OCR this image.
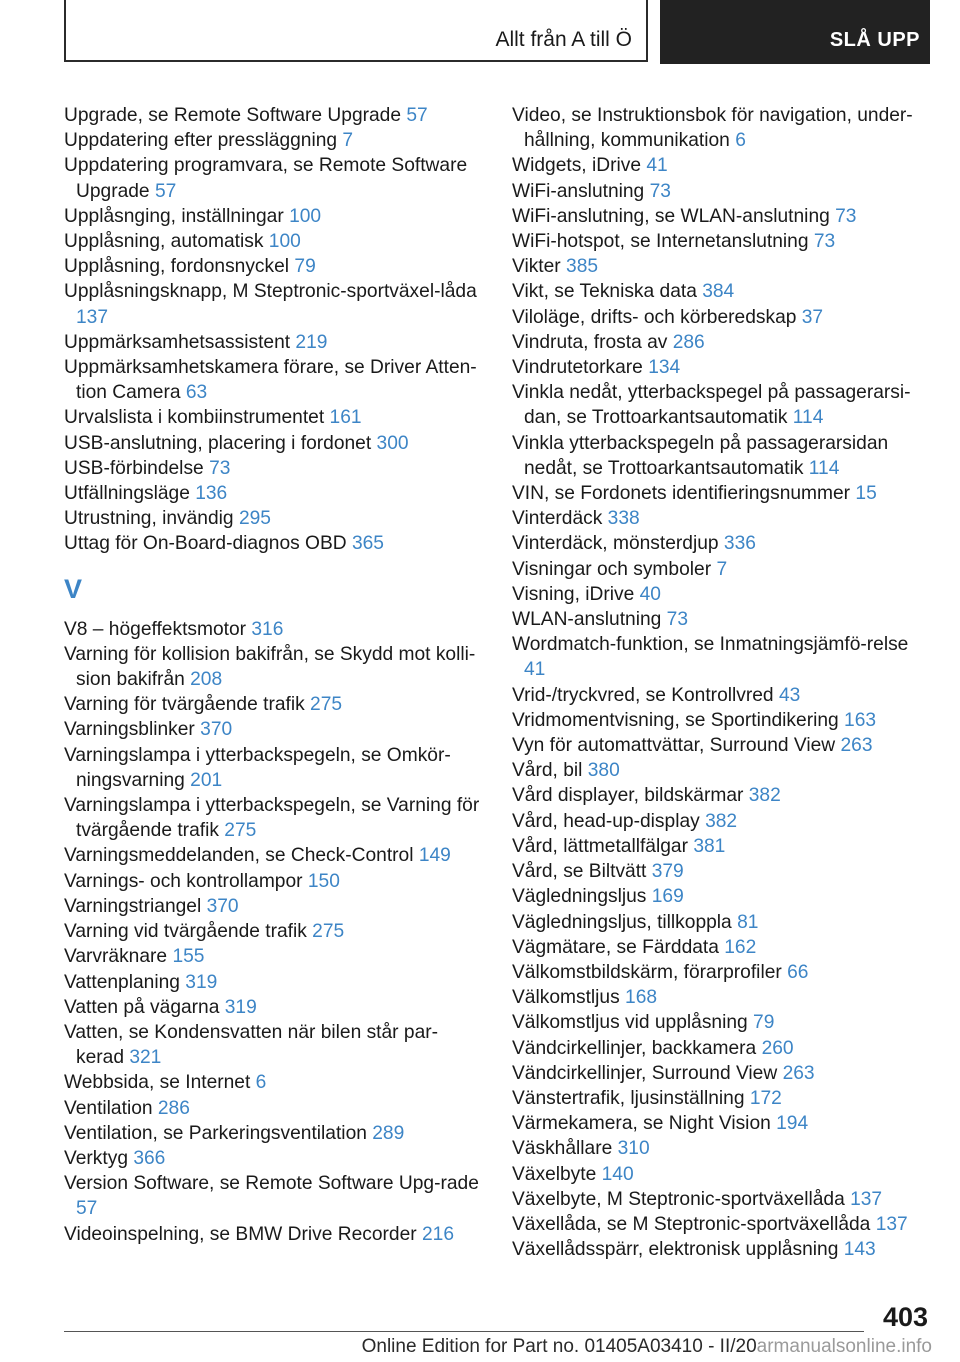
Allt från A till Ö	SLÅ UPP
Upgrade, se Remote Software Upgrade 57
Uppdatering efter pressläggning 7
Uppdatering programvara, se Remote Software Upgrade 57
Upplåsnging, inställningar 100
Upplåsning, automatisk 100
Upplåsning, fordonsnyckel 79
Upplåsningsknapp, M Steptronic-sportväxel-låda 137
Uppmärksamhetsassistent 219
Uppmärksamhetskamera förare, se Driver Atten-tion Camera 63
Urvalslista i kombiinstrumentet 161
USB-anslutning, placering i fordonet 300
USB-förbindelse 73
Utfällningsläge 136
Utrustning, invändig 295
Uttag för On-Board-diagnos OBD 365
V
V8 – högeffektsmotor 316
Varning för kollision bakifrån, se Skydd mot kolli-sion bakifrån 208
Varning för tvärgående trafik 275
Varningsblinker 370
Varningslampa i ytterbackspegeln, se Omkör-ningsvarning 201
Varningslampa i ytterbackspegeln, se Varning för tvärgående trafik 275
Varningsmeddelanden, se Check-Control 149
Varnings- och kontrollampor 150
Varningstriangel 370
Varning vid tvärgående trafik 275
Varvräknare 155
Vattenplaning 319
Vatten på vägarna 319
Vatten, se Kondensvatten när bilen står par-kerad 321
Webbsida, se Internet 6
Ventilation 286
Ventilation, se Parkeringsventilation 289
Verktyg 366
Version Software, se Remote Software Upg-rade 57
Videoinspelning, se BMW Drive Recorder 216
Video, se Instruktionsbok för navigation, under-hållning, kommunikation 6
Widgets, iDrive 41
WiFi-anslutning 73
WiFi-anslutning, se WLAN-anslutning 73
WiFi-hotspot, se Internetanslutning 73
Vikter 385
Vikt, se Tekniska data 384
Viloläge, drifts- och körberedskap 37
Vindruta, frosta av 286
Vindrutetorkare 134
Vinkla nedåt, ytterbackspegel på passagerarsi-dan, se Trottoarkantsautomatik 114
Vinkla ytterbackspegeln på passagerarsidan nedåt, se Trottoarkantsautomatik 114
VIN, se Fordonets identifieringsnummer 15
Vinterdäck 338
Vinterdäck, mönsterdjup 336
Visningar och symboler 7
Visning, iDrive 40
WLAN-anslutning 73
Wordmatch-funktion, se Inmatningsjämfö-relse 41
Vrid-/tryckvred, se Kontrollvred 43
Vridmomentvisning, se Sportindikering 163
Vyn för automattvättar, Surround View 263
Vård, bil 380
Vård displayer, bildskärmar 382
Vård, head-up-display 382
Vård, lättmetallfälgar 381
Vård, se Biltvätt 379
Vägledningsljus 169
Vägledningsljus, tillkoppla 81
Vägmätare, se Färddata 162
Välkomstbildskärm, förarprofiler 66
Välkomstljus 168
Välkomstljus vid upplåsning 79
Vändcirkellinjer, backkamera 260
Vändcirkellinjer, Surround View 263
Vänstertrafik, ljusinställning 172
Värmekamera, se Night Vision 194
Väskhållare 310
Växelbyte 140
Växelbyte, M Steptronic-sportväxellåda 137
Växellåda, se M Steptronic-sportväxellåda 137
Växellådsspärr, elektronisk upplåsning 143
403
Online Edition for Part no. 01405A03410 - II/20armanualsonline.info
